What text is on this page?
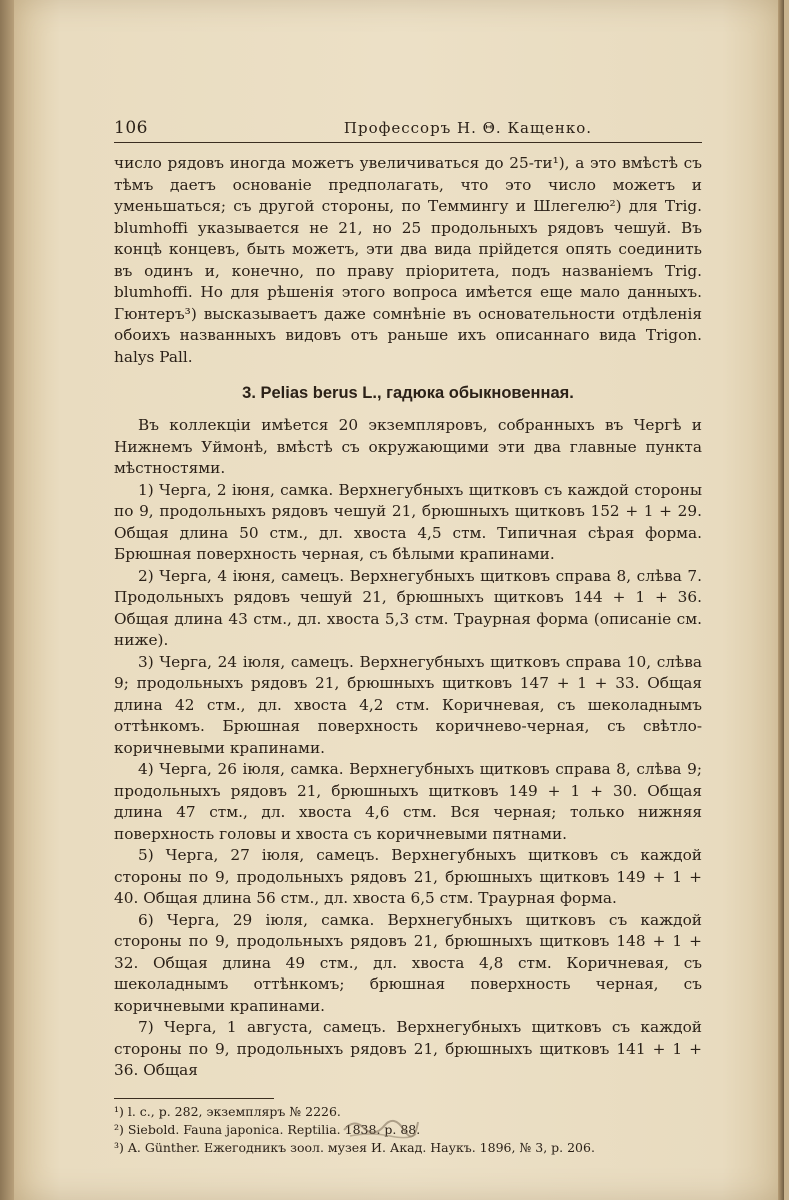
106	Профессоръ Н. Θ. Кащенко.

число рядовъ иногда можетъ увеличиваться до 25-ти¹), а это вмѣстѣ съ тѣмъ даетъ основаніе предполагать, что это число можетъ и уменьшаться; съ другой стороны, по Теммингу и Шлегелю²) для Trig. blumhoffi указывается не 21, но 25 продольныхъ рядовъ чешуй. Въ концѣ концевъ, быть можетъ, эти два вида прійдется опять соединить въ одинъ и, конечно, по праву пріоритета, подъ названіемъ Trig. blumhoffi. Но для рѣшенія этого вопроса имѣется еще мало данныхъ. Гюнтеръ³) высказываетъ даже сомнѣніе въ основательности отдѣленія обоихъ названныхъ видовъ отъ раньше ихъ описаннаго вида Trigon. halys Pall.

3. Pelias berus L., гадюка обыкновенная.

Въ коллекціи имѣется 20 экземпляровъ, собранныхъ въ Чергѣ и Нижнемъ Уймонѣ, вмѣстѣ съ окружающими эти два главные пункта мѣстностями.

1) Черга, 2 іюня, самка. Верхнегубныхъ щитковъ съ каждой стороны по 9, продольныхъ рядовъ чешуй 21, брюшныхъ щитковъ 152 + 1 + 29. Общая длина 50 стм., дл. хвоста 4,5 стм. Типичная сѣрая форма. Брюшная поверхность черная, съ бѣлыми крапинами.

2) Черга, 4 іюня, самецъ. Верхнегубныхъ щитковъ справа 8, слѣва 7. Продольныхъ рядовъ чешуй 21, брюшныхъ щитковъ 144 + 1 + 36. Общая длина 43 стм., дл. хвоста 5,3 стм. Траурная форма (описаніе см. ниже).

3) Черга, 24 іюля, самецъ. Верхнегубныхъ щитковъ справа 10, слѣва 9; продольныхъ рядовъ 21, брюшныхъ щитковъ 147 + 1 + 33. Общая длина 42 стм., дл. хвоста 4,2 стм. Коричневая, съ шеколаднымъ оттѣнкомъ. Брюшная поверхность коричнево-черная, съ свѣтло-коричневыми крапинами.

4) Черга, 26 іюля, самка. Верхнегубныхъ щитковъ справа 8, слѣва 9; продольныхъ рядовъ 21, брюшныхъ щитковъ 149 + 1 + 30. Общая длина 47 стм., дл. хвоста 4,6 стм. Вся черная; только нижняя поверхность головы и хвоста съ коричневыми пятнами.

5) Черга, 27 іюля, самецъ. Верхнегубныхъ щитковъ съ каждой стороны по 9, продольныхъ рядовъ 21, брюшныхъ щитковъ 149 + 1 + 40. Общая длина 56 стм., дл. хвоста 6,5 стм. Траурная форма.

6) Черга, 29 іюля, самка. Верхнегубныхъ щитковъ съ каждой стороны по 9, продольныхъ рядовъ 21, брюшныхъ щитковъ 148 + 1 + 32. Общая длина 49 стм., дл. хвоста 4,8 стм. Коричневая, съ шеколаднымъ оттѣнкомъ; брюшная поверхность черная, съ коричневыми крапинами.

7) Черга, 1 августа, самецъ. Верхнегубныхъ щитковъ съ каждой стороны по 9, продольныхъ рядовъ 21, брюшныхъ щитковъ 141 + 1 + 36. Общая

¹) l. c., p. 282, экземпляръ № 2226.
²) Siebold. Fauna japonica. Reptilia. 1838. p. 88.
³) A. Günther. Ежегодникъ зоол. музея И. Акад. Наукъ. 1896, № 3, p. 206.
